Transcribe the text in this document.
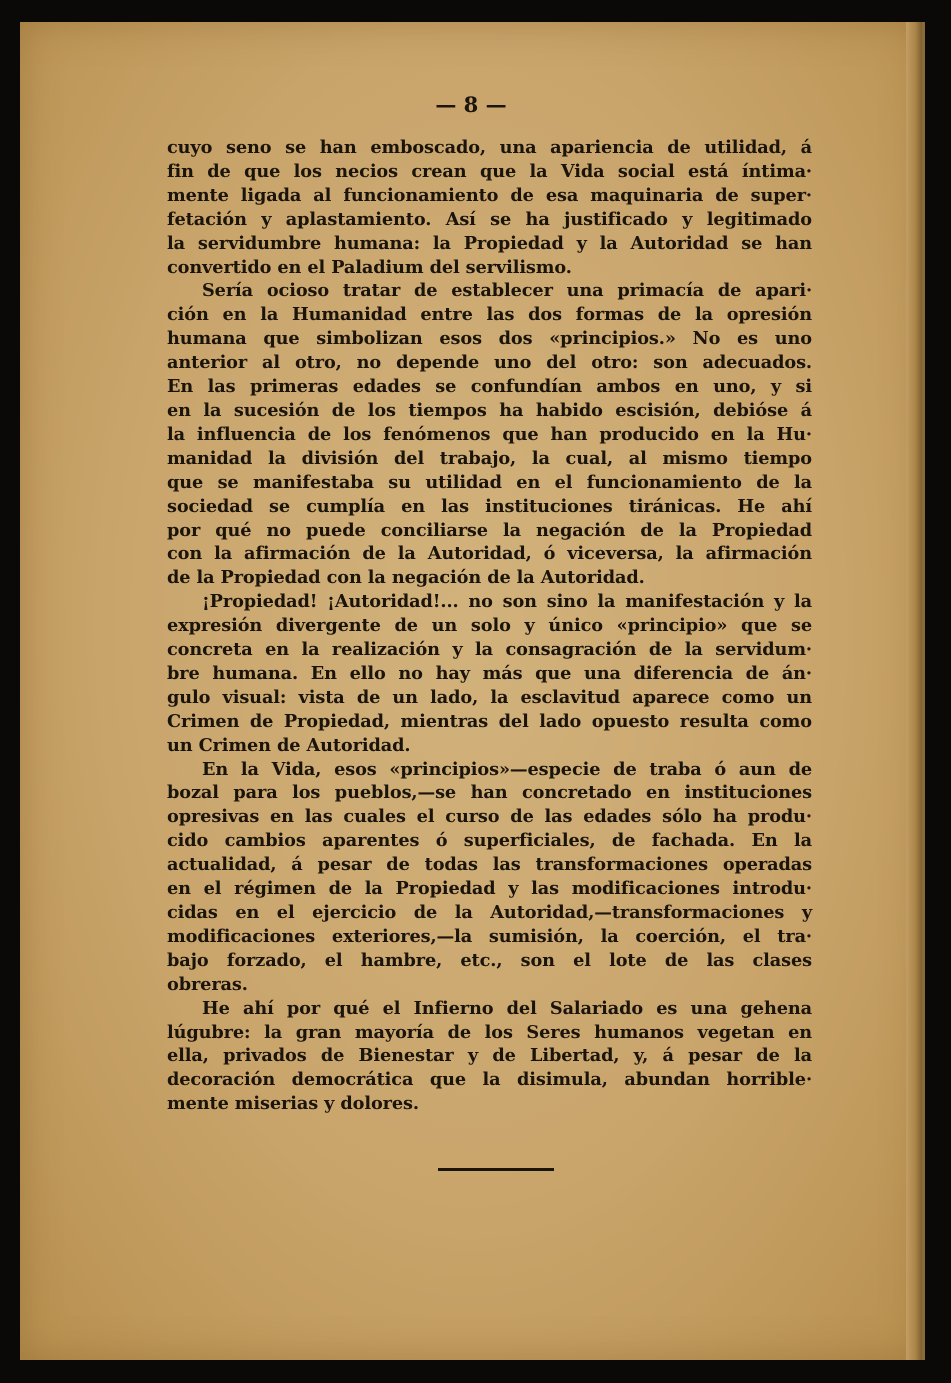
— 8 —
cuyo seno se han emboscado, una apariencia de utilidad, á
fin de que los necios crean que la Vida social está íntima·
mente ligada al funcionamiento de esa maquinaria de super·
fetación y aplastamiento. Así se ha justificado y legitimado
la servidumbre humana: la Propiedad y la Autoridad se han
convertido en el Paladium del servilismo.
Sería ocioso tratar de establecer una primacía de apari·
ción en la Humanidad entre las dos formas de la opresión
humana que simbolizan esos dos «principios.» No es uno
anterior al otro, no depende uno del otro: son adecuados.
En las primeras edades se confundían ambos en uno, y si
en la sucesión de los tiempos ha habido escisión, debióse á
la influencia de los fenómenos que han producido en la Hu·
manidad la división del trabajo, la cual, al mismo tiempo
que se manifestaba su utilidad en el funcionamiento de la
sociedad se cumplía en las instituciones tiránicas. He ahí
por qué no puede conciliarse la negación de la Propiedad
con la afirmación de la Autoridad, ó viceversa, la afirmación
de la Propiedad con la negación de la Autoridad.
¡Propiedad! ¡Autoridad!... no son sino la manifestación y la
expresión divergente de un solo y único «principio» que se
concreta en la realización y la consagración de la servidum·
bre humana. En ello no hay más que una diferencia de án·
gulo visual: vista de un lado, la esclavitud aparece como un
Crimen de Propiedad, mientras del lado opuesto resulta como
un Crimen de Autoridad.
En la Vida, esos «principios»—especie de traba ó aun de
bozal para los pueblos,—se han concretado en instituciones
opresivas en las cuales el curso de las edades sólo ha produ·
cido cambios aparentes ó superficiales, de fachada. En la
actualidad, á pesar de todas las transformaciones operadas
en el régimen de la Propiedad y las modificaciones introdu·
cidas en el ejercicio de la Autoridad,—transformaciones y
modificaciones exteriores,—la sumisión, la coerción, el tra·
bajo forzado, el hambre, etc., son el lote de las clases
obreras.
He ahí por qué el Infierno del Salariado es una gehena
lúgubre: la gran mayoría de los Seres humanos vegetan en
ella, privados de Bienestar y de Libertad, y, á pesar de la
decoración democrática que la disimula, abundan horrible·
mente miserias y dolores.
